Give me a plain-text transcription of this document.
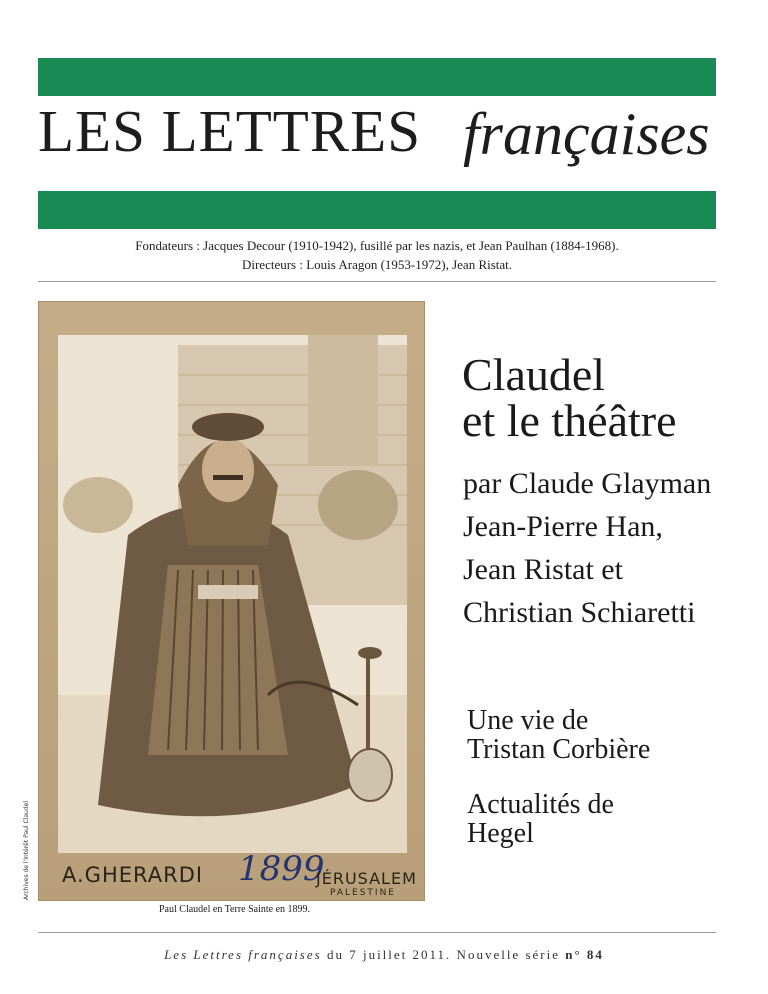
LES LETTRES françaises
Fondateurs : Jacques Decour (1910-1942), fusillé par les nazis, et Jean Paulhan (1884-1968).
Directeurs : Louis Aragon (1953-1972), Jean Ristat.
A.GHERARDI 1899
JÉRUSALEM
PALESTINE
Archives de l'Intérêt Paul Claudel
Paul Claudel en Terre Sainte en 1899.
Claudel
et le théâtre
par Claude Glayman
Jean-Pierre Han,
Jean Ristat et
Christian Schiaretti
Une vie de
Tristan Corbière
Actualités de
Hegel
Les Lettres françaises du 7 juillet 2011. Nouvelle série n° 84
